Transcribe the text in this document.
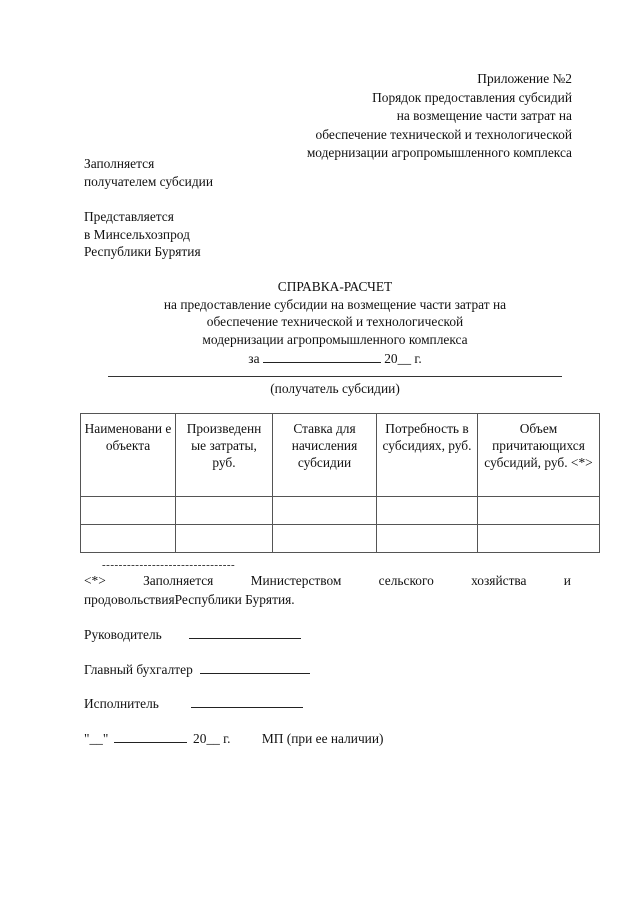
Приложение №2
Порядок предоставления субсидий
на возмещение части затрат на
обеспечение технической и технологической
модернизации агропромышленного комплекса
Заполняется
получателем субсидии
Представляется
в Минсельхозпрод
Республики Бурятия
СПРАВКА-РАСЧЕТ
на предоставление субсидии на возмещение части затрат на
обеспечение технической и технологической
модернизации агропромышленного комплекса
за	20__ г.
(получатель субсидии)
Наименовани е объекта	Произведенн ые затраты, руб.	Ставка для начисления субсидии	Потребность в субсидиях, руб.	Объем причитающихся субсидий, руб. <*>

--------------------------------
<*>	Заполняется	Министерством	сельского	хозяйства	и
продовольствияРеспублики Бурятия.
Руководитель
Главный бухгалтер
Исполнитель
"__"	20__ г. МП (при ее наличии)
